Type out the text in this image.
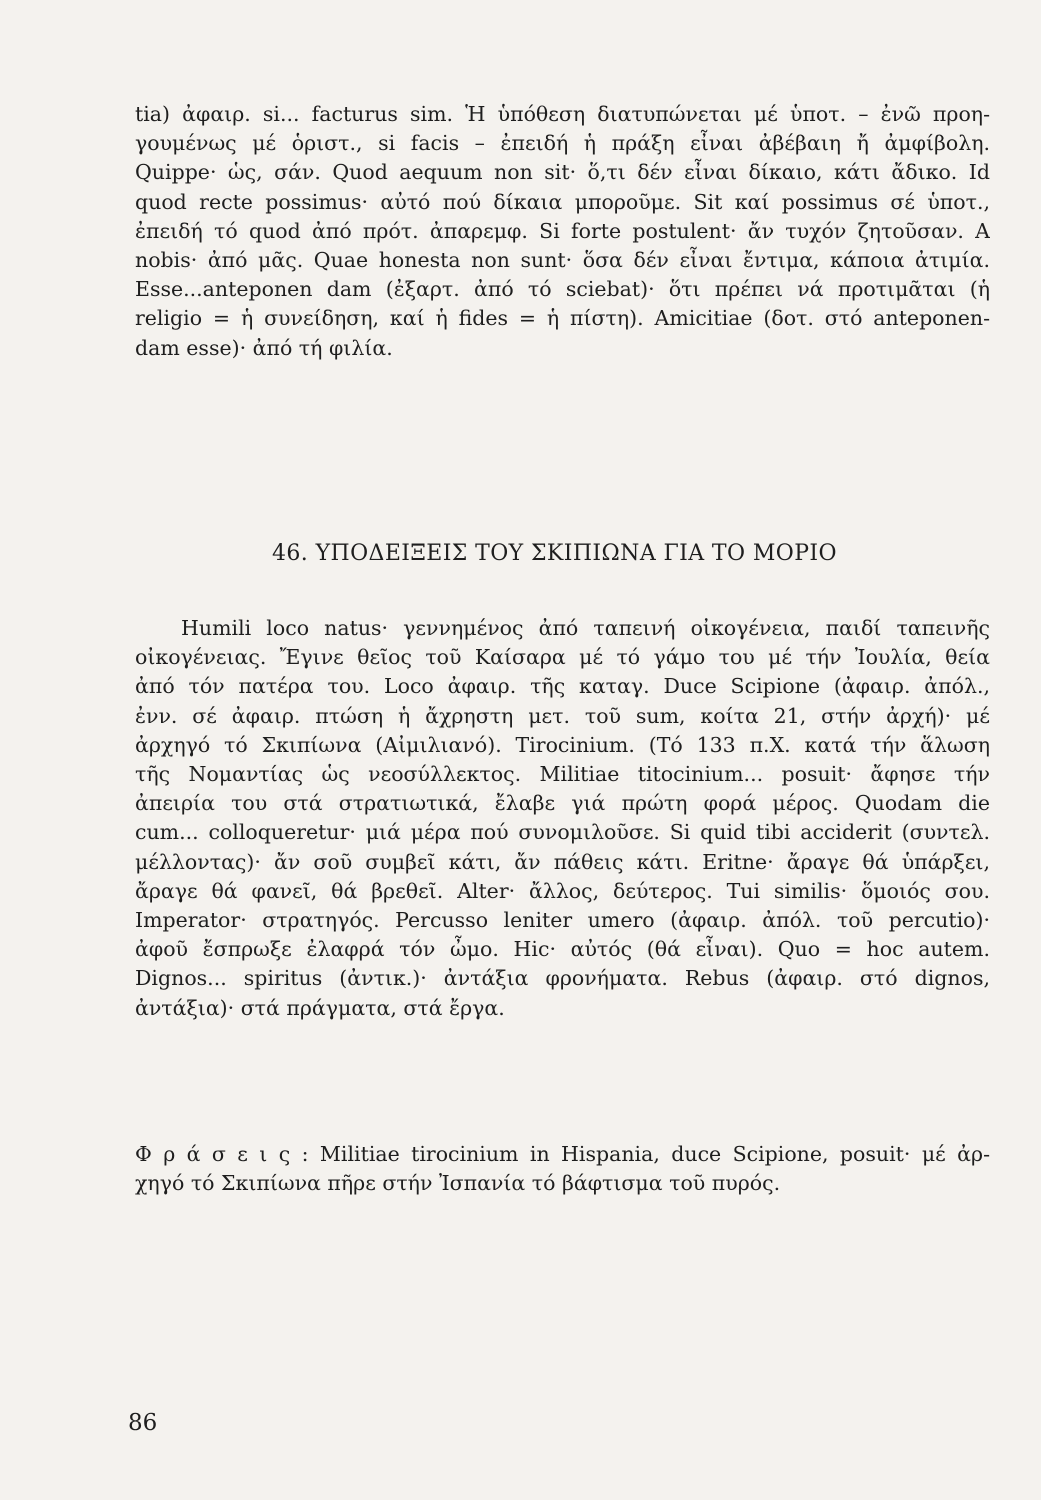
tia) ἀφαιρ. si... facturus sim. Ἡ ὑπόθεση διατυπώνεται μέ ὑποτ. – ἐνῶ προη-
γουμένως μέ ὁριστ., si facis – ἐπειδή ἡ πράξη εἶναι ἀβέβαιη ἤ ἀμφίβολη.
Quippe· ὡς, σάν. Quod aequum non sit· ὅ,τι δέν εἶναι δίκαιο, κάτι ἄδικο. Id
quod recte possimus· αὐτό πού δίκαια μποροῦμε. Sit καί possimus σέ ὑποτ.,
ἐπειδή τό quod ἀπό πρότ. ἀπαρεμφ. Si forte postulent· ἄν τυχόν ζητοῦσαν. A
nobis· ἀπό μᾶς. Quae honesta non sunt· ὅσα δέν εἶναι ἔντιμα, κάποια ἀτιμία.
Esse...anteponen dam (ἐξαρτ. ἀπό τό sciebat)· ὅτι πρέπει νά προτιμᾶται (ἡ
religio = ἡ συνείδηση, καί ἡ fides = ἡ πίστη). Amicitiae (δοτ. στό anteponen-
dam esse)· ἀπό τή φιλία.
46. ΥΠΟΔΕΙΞΕΙΣ ΤΟΥ ΣΚΙΠΙΩΝΑ ΓΙΑ ΤΟ ΜΟΡΙΟ
Humili loco natus· γεννημένος ἀπό ταπεινή οἰκογένεια, παιδί ταπεινῆς
οἰκογένειας. Ἔγινε θεῖος τοῦ Καίσαρα μέ τό γάμο του μέ τήν Ἰουλία, θεία
ἀπό τόν πατέρα του. Loco ἀφαιρ. τῆς καταγ. Duce Scipione (ἀφαιρ. ἀπόλ.,
ἐνν. σέ ἀφαιρ. πτώση ἡ ἄχρηστη μετ. τοῦ sum, κοίτα 21, στήν ἀρχή)· μέ
ἀρχηγό τό Σκιπίωνα (Αἰμιλιανό). Tirocinium. (Τό 133 π.Χ. κατά τήν ἅλωση
τῆς Νομαντίας ὡς νεοσύλλεκτος. Militiae titocinium... posuit· ἄφησε τήν
ἀπειρία του στά στρατιωτικά, ἔλαβε γιά πρώτη φορά μέρος. Quodam die
cum... colloqueretur· μιά μέρα πού συνομιλοῦσε. Si quid tibi acciderit (συντελ.
μέλλοντας)· ἄν σοῦ συμβεῖ κάτι, ἄν πάθεις κάτι. Eritne· ἄραγε θά ὑπάρξει,
ἄραγε θά φανεῖ, θά βρεθεῖ. Alter· ἄλλος, δεύτερος. Tui similis· ὅμοιός σου.
Imperator· στρατηγός. Percusso leniter umero (ἀφαιρ. ἀπόλ. τοῦ percutio)·
ἀφοῦ ἔσπρωξε ἐλαφρά τόν ὦμο. Hic· αὐτός (θά εἶναι). Quo = hoc autem.
Dignos... spiritus (ἀντικ.)· ἀντάξια φρονήματα. Rebus (ἀφαιρ. στό dignos,
ἀντάξια)· στά πράγματα, στά ἔργα.
Φ ρ ά σ ε ι ς : Militiae tirocinium in Hispania, duce Scipione, posuit· μέ ἀρ-
χηγό τό Σκιπίωνα πῆρε στήν Ἰσπανία τό βάφτισμα τοῦ πυρός.
86
